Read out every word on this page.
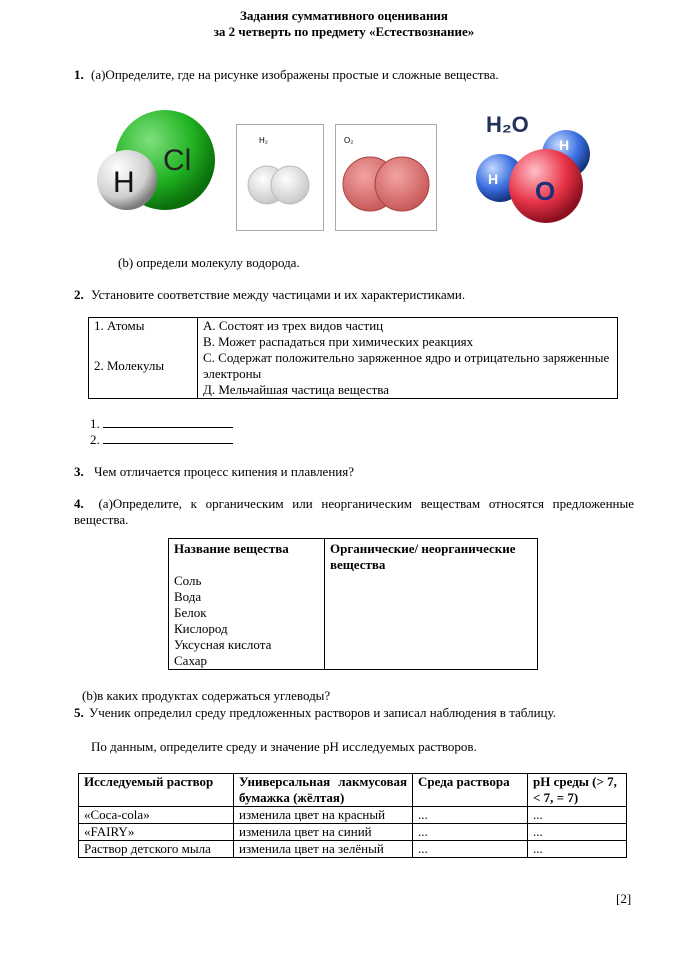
Задания суммативного оценивания
за 2 четверть по предмету «Естествознание»
1. (a)Определите, где на рисунке изображены простые и сложные вещества.
H
Cl
H₂	O₂
H₂O
H
H O
(b) определи молекулу водорода.
2. Установите соответствие между частицами и их характеристиками.
1. Атомы	А. Состоят из трех видов частиц
	В. Может распадаться при химических реакциях
2. Молекулы	С. Содержат положительно заряженное ядро и отрицательно заряженные электроны
	Д. Мельчайшая частица вещества
1.
2.
3. Чем отличается процесс кипения и плавления?
4. (a)Определите, к органическим или неорганическим веществам относятся предложенные вещества.
Название вещества	Органические/ неорганические вещества
Соль	
Вода	
Белок	
Кислород	
Уксусная кислота	
Сахар	
(b)в каких продуктах содержаться углеводы?
5. Ученик определил среду предложенных растворов и записал наблюдения в таблицу.
По данным, определите среду и значение pH исследуемых растворов.
Исследуемый раствор	Универсальная лакмусовая бумажка (жёлтая)	Среда раствора	pH среды (> 7, < 7, = 7)
«Coca-cola»	изменила цвет на красный	...	...
«FAIRY»	изменила цвет на синий	...	...
Раствор детского мыла	изменила цвет на зелёный	...	...
[2]
